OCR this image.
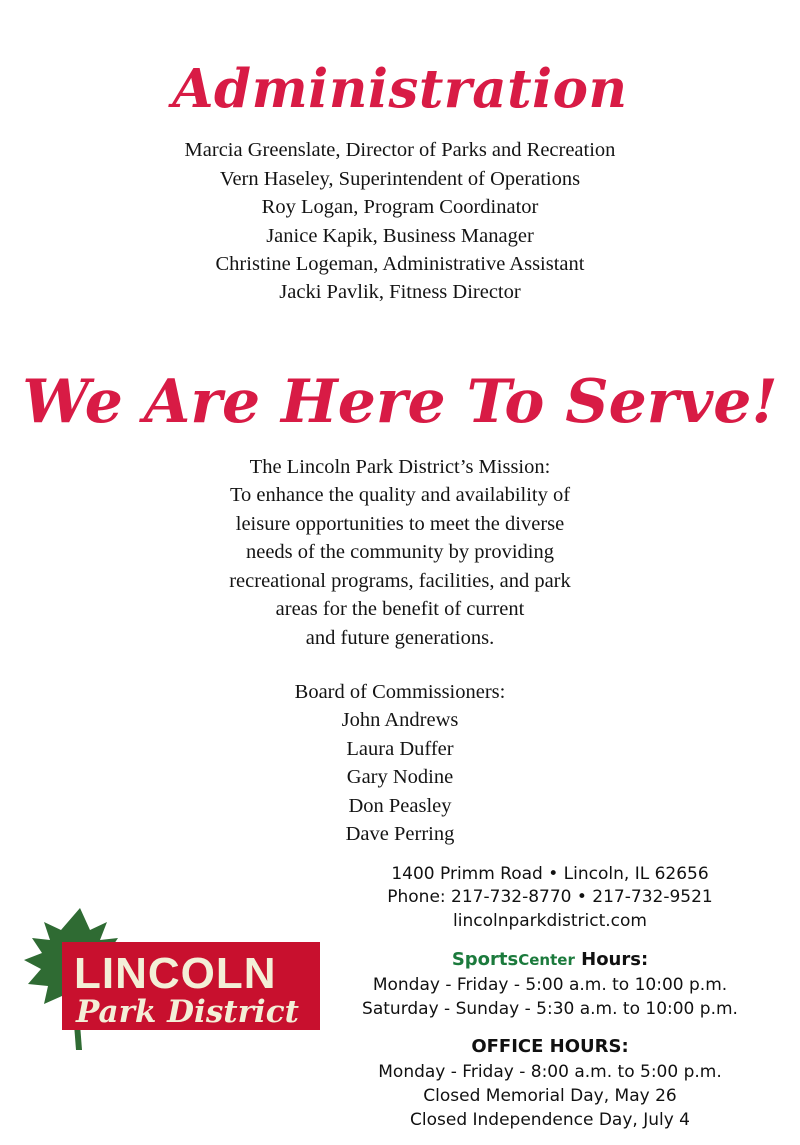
Administration
Marcia Greenslate, Director of Parks and Recreation
Vern Haseley, Superintendent of Operations
Roy Logan, Program Coordinator
Janice Kapik, Business Manager
Christine Logeman, Administrative Assistant
Jacki Pavlik, Fitness Director
We Are Here To Serve!
The Lincoln Park District’s Mission:
To enhance the quality and availability of
leisure opportunities to meet the diverse
needs of the community by providing
recreational programs, facilities, and park
areas for the benefit of current
and future generations.
Board of Commissioners:
John Andrews
Laura Duffer
Gary Nodine
Don Peasley
Dave Perring
1400 Primm Road • Lincoln, IL 62656
Phone: 217-732-8770 • 217-732-9521
lincolnparkdistrict.com
SportsCenter Hours:
Monday - Friday - 5:00 a.m. to 10:00 p.m.
Saturday - Sunday - 5:30 a.m. to 10:00 p.m.
OFFICE HOURS:
Monday - Friday - 8:00 a.m. to 5:00 p.m.
Closed Memorial Day, May 26
Closed Independence Day, July 4
LINCOLN
Park District
